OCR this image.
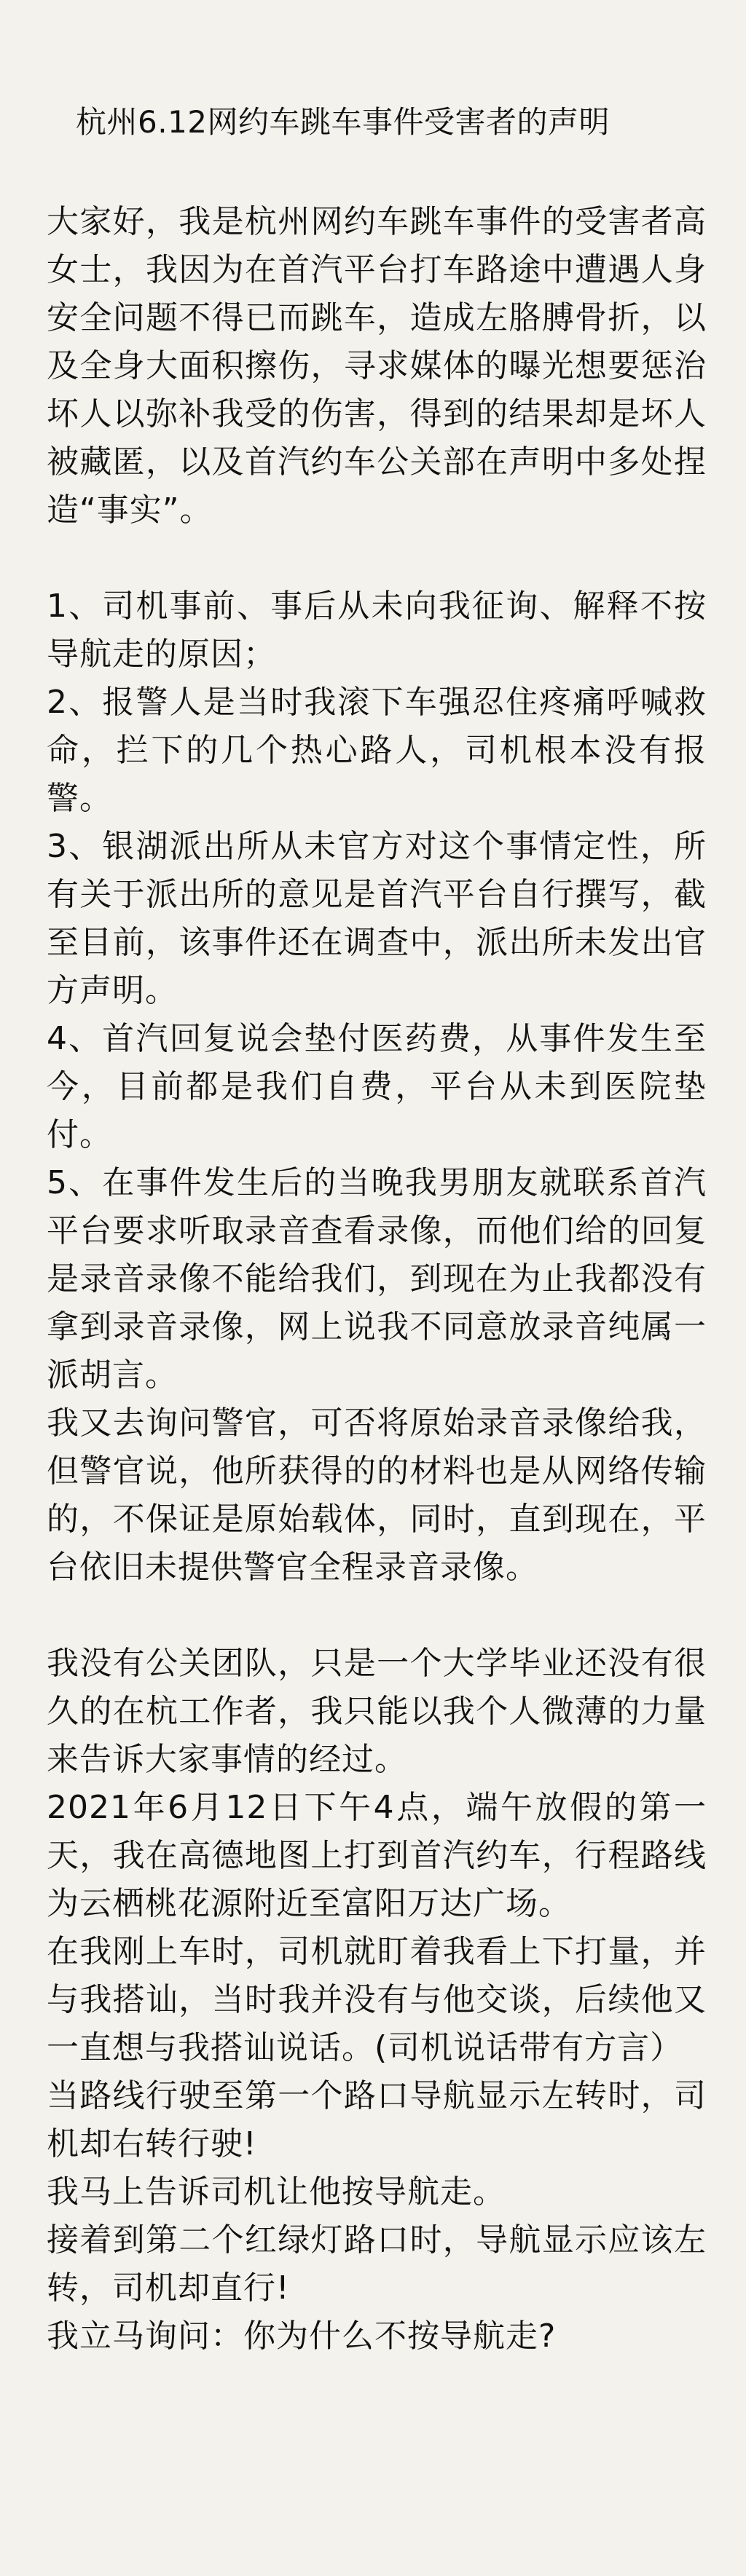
杭州6.12网约车跳车事件受害者的声明

大家好，我是杭州网约车跳车事件的受害者高女士，我因为在首汽平台打车路途中遭遇人身安全问题不得已而跳车，造成左胳膊骨折，以及全身大面积擦伤，寻求媒体的曝光想要惩治坏人以弥补我受的伤害，得到的结果却是坏人被藏匿，以及首汽约车公关部在声明中多处捏造“事实”。

1、司机事前、事后从未向我征询、解释不按导航走的原因；

2、报警人是当时我滚下车强忍住疼痛呼喊救命，拦下的几个热心路人，司机根本没有报警。

3、银湖派出所从未官方对这个事情定性，所有关于派出所的意见是首汽平台自行撰写，截至目前，该事件还在调查中，派出所未发出官方声明。

4、首汽回复说会垫付医药费，从事件发生至今，目前都是我们自费，平台从未到医院垫付。

5、在事件发生后的当晚我男朋友就联系首汽平台要求听取录音查看录像，而他们给的回复是录音录像不能给我们，到现在为止我都没有拿到录音录像，网上说我不同意放录音纯属一派胡言。

我又去询问警官，可否将原始录音录像给我，但警官说，他所获得的的材料也是从网络传输的，不保证是原始载体，同时，直到现在，平台依旧未提供警官全程录音录像。

我没有公关团队，只是一个大学毕业还没有很久的在杭工作者，我只能以我个人微薄的力量来告诉大家事情的经过。

2021年6月12日下午4点，端午放假的第一天，我在高德地图上打到首汽约车，行程路线为云栖桃花源附近至富阳万达广场。

在我刚上车时，司机就盯着我看上下打量，并与我搭讪，当时我并没有与他交谈，后续他又一直想与我搭讪说话。(司机说话带有方言）

当路线行驶至第一个路口导航显示左转时，司机却右转行驶!

我马上告诉司机让他按导航走。

接着到第二个红绿灯路口时，导航显示应该左转，司机却直行!

我立马询问：你为什么不按导航走?
